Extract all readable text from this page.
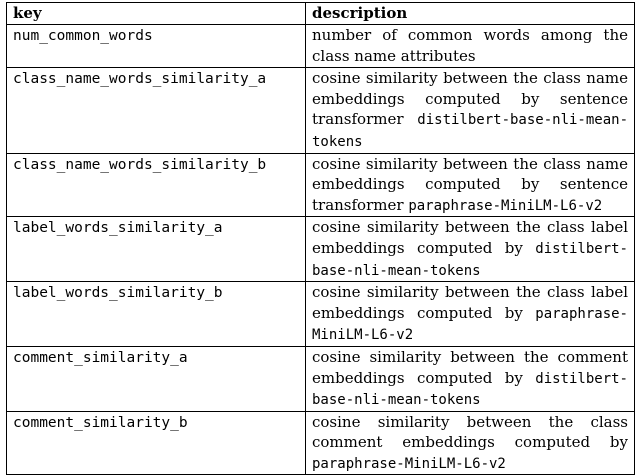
key	description
num_common_words	number of common words among the class name attributes
class_name_words_similarity_a	cosine similarity between the class name embeddings computed by sentence transformer distilbert-base-nli-mean-tokens
class_name_words_similarity_b	cosine similarity between the class name embeddings computed by sentence transformer paraphrase-MiniLM-L6-v2
label_words_similarity_a	cosine similarity between the class label embeddings computed by distilbert-base-nli-mean-tokens
label_words_similarity_b	cosine similarity between the class label embeddings computed by paraphrase-MiniLM-L6-v2
comment_similarity_a	cosine similarity between the comment embeddings computed by distilbert-base-nli-mean-tokens
comment_similarity_b	cosine similarity between the class comment embeddings computed by paraphrase-MiniLM-L6-v2
